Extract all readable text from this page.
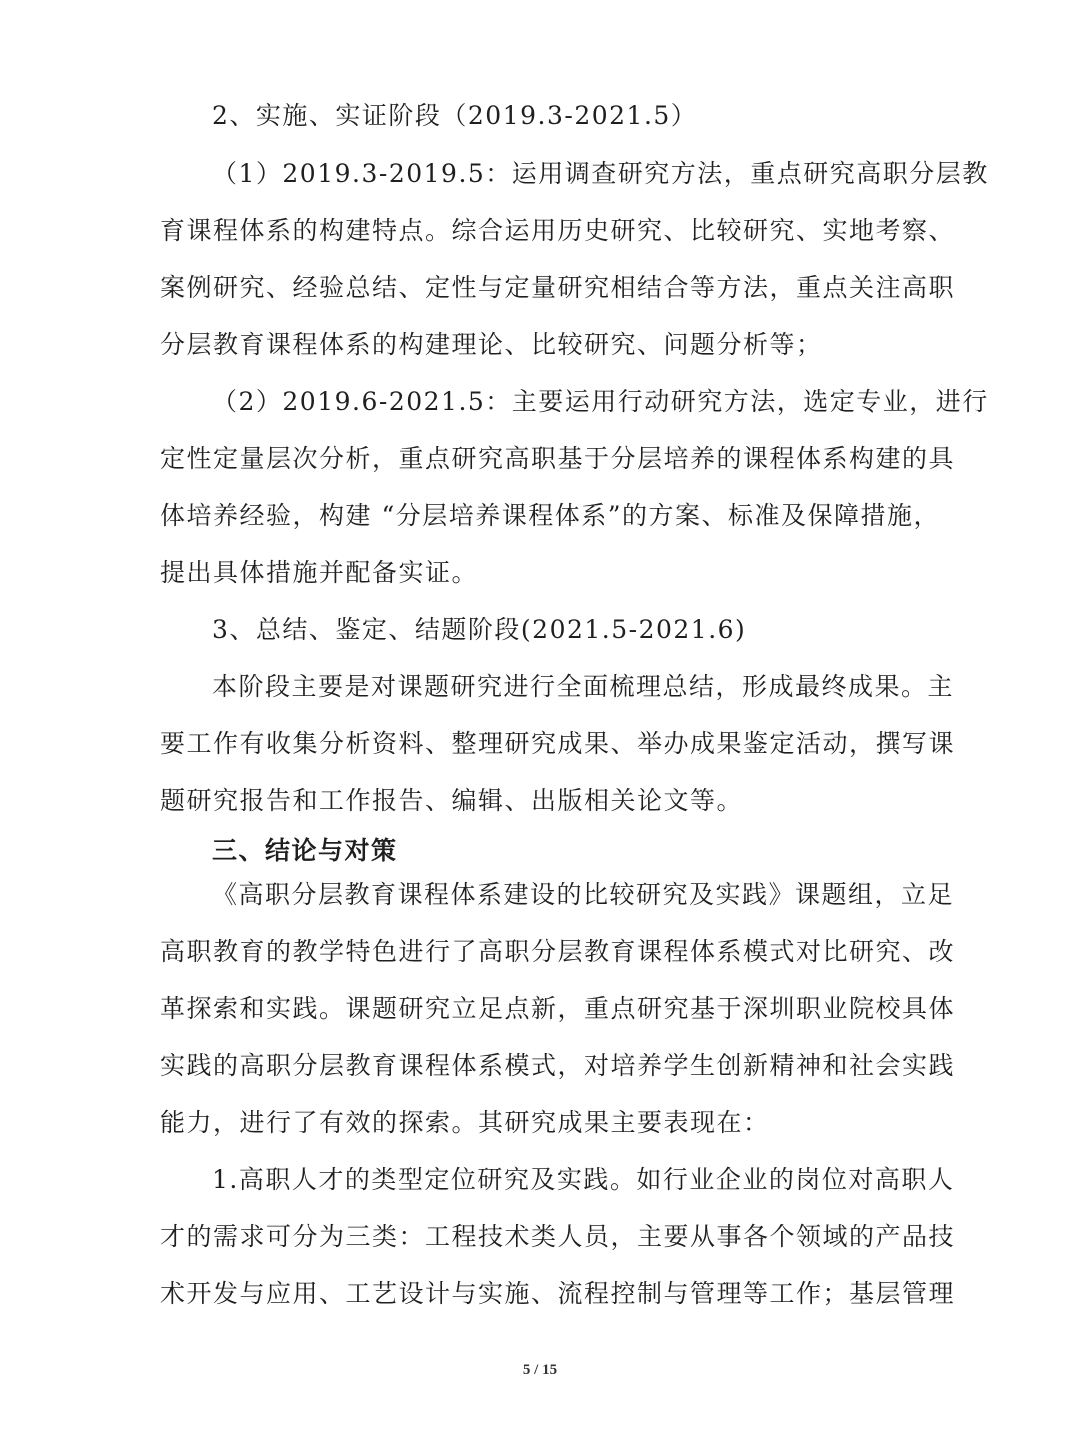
2、实施、实证阶段（2019.3-2021.5）
（1）2019.3-2019.5：运用调查研究方法，重点研究高职分层教
育课程体系的构建特点。综合运用历史研究、比较研究、实地考察、
案例研究、经验总结、定性与定量研究相结合等方法，重点关注高职
分层教育课程体系的构建理论、比较研究、问题分析等；
（2）2019.6-2021.5：主要运用行动研究方法，选定专业，进行
定性定量层次分析，重点研究高职基于分层培养的课程体系构建的具
体培养经验，构建 “分层培养课程体系”的方案、标准及保障措施，
提出具体措施并配备实证。
3、总结、鉴定、结题阶段(2021.5-2021.6)
本阶段主要是对课题研究进行全面梳理总结，形成最终成果。主
要工作有收集分析资料、整理研究成果、举办成果鉴定活动，撰写课
题研究报告和工作报告、编辑、出版相关论文等。
三、结论与对策
《高职分层教育课程体系建设的比较研究及实践》课题组，立足
高职教育的教学特色进行了高职分层教育课程体系模式对比研究、改
革探索和实践。课题研究立足点新，重点研究基于深圳职业院校具体
实践的高职分层教育课程体系模式，对培养学生创新精神和社会实践
能力，进行了有效的探索。其研究成果主要表现在：
1.高职人才的类型定位研究及实践。如行业企业的岗位对高职人
才的需求可分为三类：工程技术类人员，主要从事各个领域的产品技
术开发与应用、工艺设计与实施、流程控制与管理等工作；基层管理
5 / 15
